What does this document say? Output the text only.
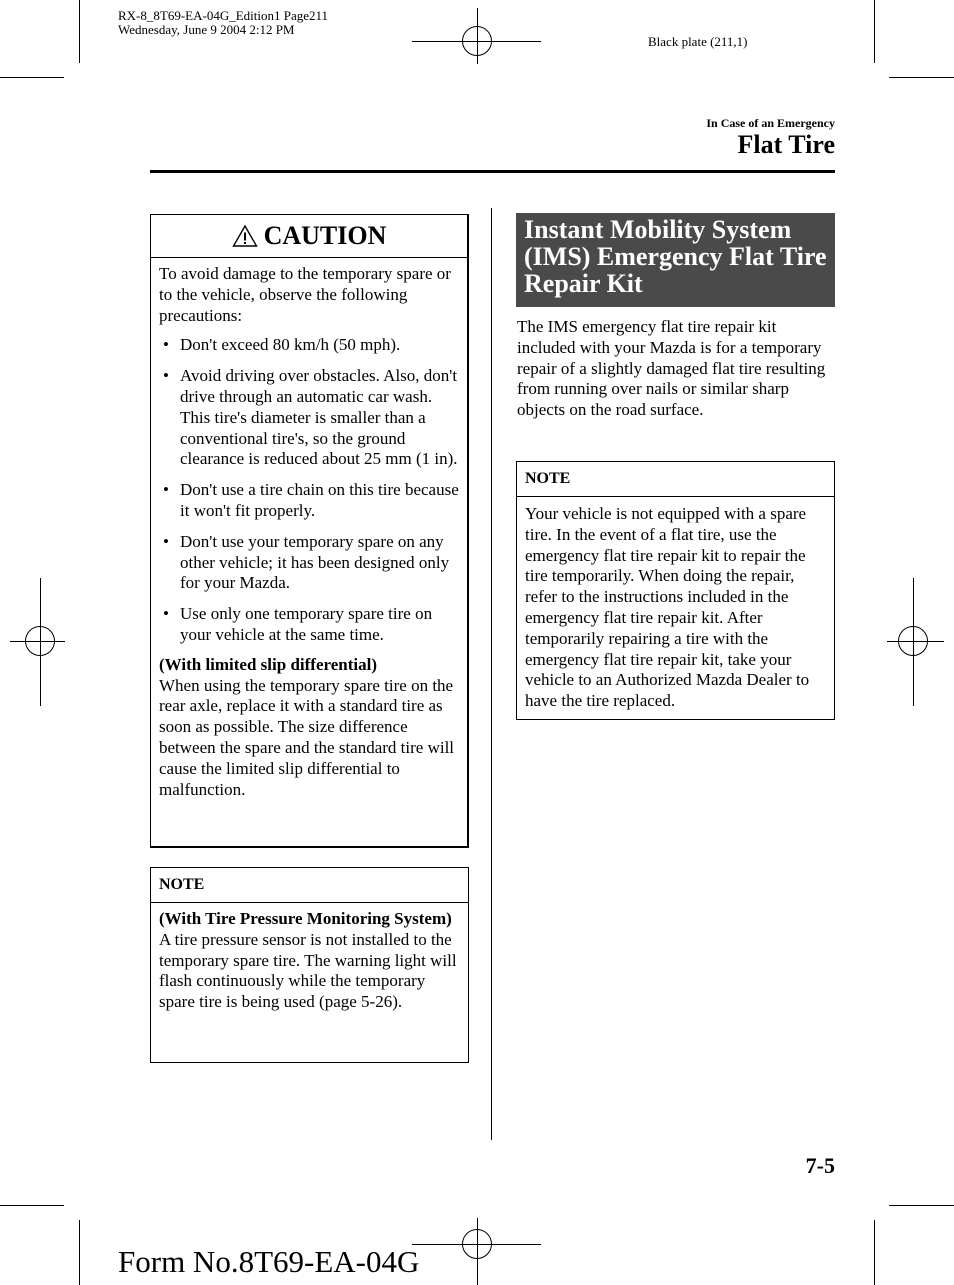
RX-8_8T69-EA-04G_Edition1 Page211
Wednesday, June 9 2004 2:12 PM
Black plate (211,1)
In Case of an Emergency
Flat Tire
CAUTION

To avoid damage to the temporary spare or to the vehicle, observe the following precautions:

• Don't exceed 80 km/h (50 mph).
• Avoid driving over obstacles. Also, don't drive through an automatic car wash. This tire's diameter is smaller than a conventional tire's, so the ground clearance is reduced about 25 mm (1 in).
• Don't use a tire chain on this tire because it won't fit properly.
• Don't use your temporary spare on any other vehicle; it has been designed only for your Mazda.
• Use only one temporary spare tire on your vehicle at the same time.

(With limited slip differential)

When using the temporary spare tire on the rear axle, replace it with a standard tire as soon as possible. The size difference between the spare and the standard tire will cause the limited slip differential to malfunction.

NOTE

(With Tire Pressure Monitoring System)

A tire pressure sensor is not installed to the temporary spare tire. The warning light will flash continuously while the temporary spare tire is being used (page 5-26).

Instant Mobility System (IMS) Emergency Flat Tire Repair Kit
The IMS emergency flat tire repair kit included with your Mazda is for a temporary repair of a slightly damaged flat tire resulting from running over nails or similar sharp objects on the road surface.
NOTE

Your vehicle is not equipped with a spare tire. In the event of a flat tire, use the emergency flat tire repair kit to repair the tire temporarily. When doing the repair, refer to the instructions included in the emergency flat tire repair kit. After temporarily repairing a tire with the emergency flat tire repair kit, take your vehicle to an Authorized Mazda Dealer to have the tire replaced.

7-5
Form No.8T69-EA-04G
